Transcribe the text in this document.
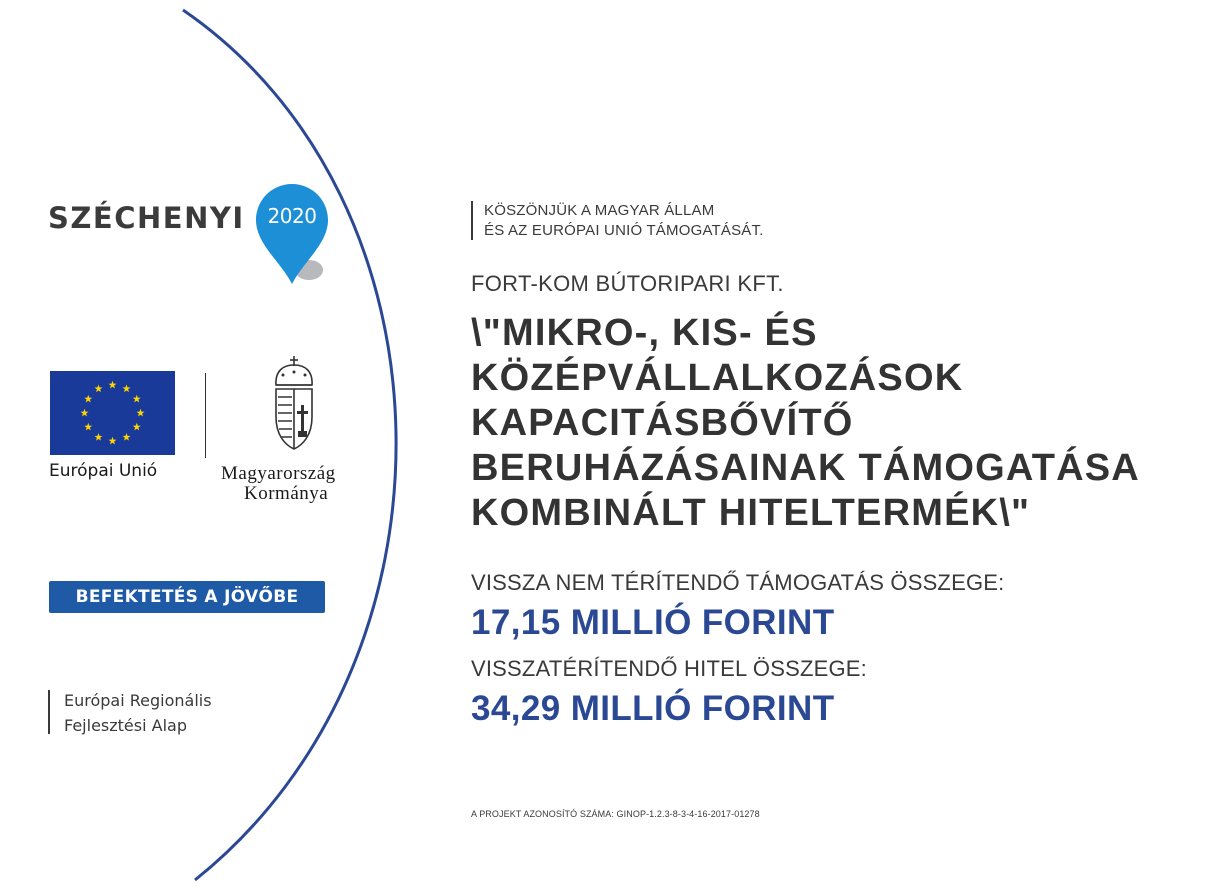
SZÉCHENYI	2020
Európai Unió	Magyarország
Kormánya
BEFEKTETÉS A JÖVŐBE
Európai Regionális
Fejlesztési Alap
KÖSZÖNJÜK A MAGYAR ÁLLAM
ÉS AZ EURÓPAI UNIÓ TÁMOGATÁSÁT.
FORT-KOM BÚTORIPARI KFT.
\"MIKRO-, KIS- ÉS
KÖZÉPVÁLLALKOZÁSOK
KAPACITÁSBŐVÍTŐ
BERUHÁZÁSAINAK TÁMOGATÁSA
KOMBINÁLT HITELTERMÉK\"
VISSZA NEM TÉRÍTENDŐ TÁMOGATÁS ÖSSZEGE:
17,15 MILLIÓ FORINT
VISSZATÉRÍTENDŐ HITEL ÖSSZEGE:
34,29 MILLIÓ FORINT
A PROJEKT AZONOSÍTÓ SZÁMA: GINOP-1.2.3-8-3-4-16-2017-01278
